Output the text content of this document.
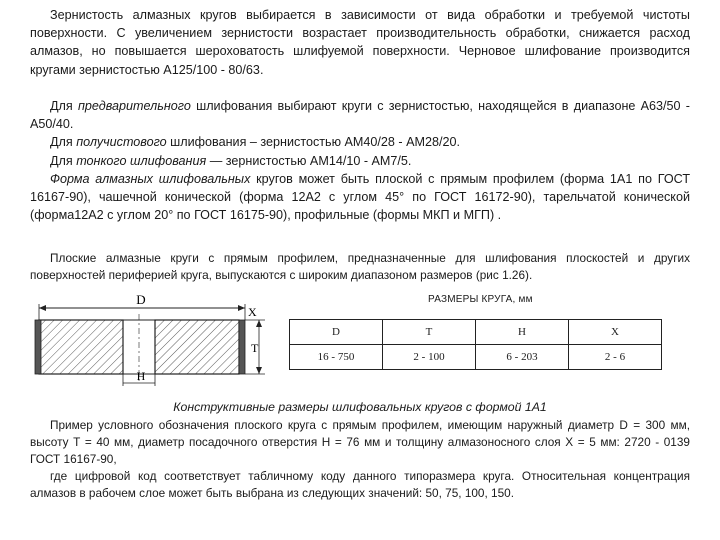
Зернистость алмазных кругов выбирается в зависимости от вида обработки и требуемой чистоты поверхности. С увеличением зернистости возрастает производительность обработки, снижается расход алмазов, но повышается шероховатость шлифуемой поверхности. Черновое шлифование производится кругами зернистостью А125/100 - 80/63.
Для предварительного шлифования выбирают круги с зернистостью, находящейся в диапазоне А63/50 - А50/40.
Для получистового шлифования – зернистостью АМ40/28 - АМ28/20.
Для тонкого шлифования — зернистостью АМ14/10 - АМ7/5.
Форма алмазных шлифовальных кругов может быть плоской с прямым профилем (форма 1А1 по ГОСТ 16167-90), чашечной конической (форма 12А2 с углом 45° по ГОСТ 16172-90), тарельчатой конической (форма12А2 с углом 20° по ГОСТ 16175-90), профильные (формы МКП и МГП) .
Плоские алмазные круги с прямым профилем, предназначенные для шлифования плоскостей и других поверхностей периферией круга, выпускаются с широким диапазоном размеров (рис 1.26).
D
H
T
X
РАЗМЕРЫ КРУГА, мм
D	T	H	X
16 - 750	2 - 100	6 - 203	2 - 6
Конструктивные размеры шлифовальных кругов с формой 1А1
Пример условного обозначения плоского круга с прямым профилем, имеющим наружный диаметр D = 300 мм, высоту Т = 40 мм, диаметр посадочного отверстия Н = 76 мм и толщину алмазоносного слоя X = 5 мм: 2720 - 0139 ГОСТ 16167-90,
где цифровой код соответствует табличному коду данного типоразмера круга. Относительная концентрация алмазов в рабочем слое может быть выбрана из следующих значений: 50, 75, 100, 150.
